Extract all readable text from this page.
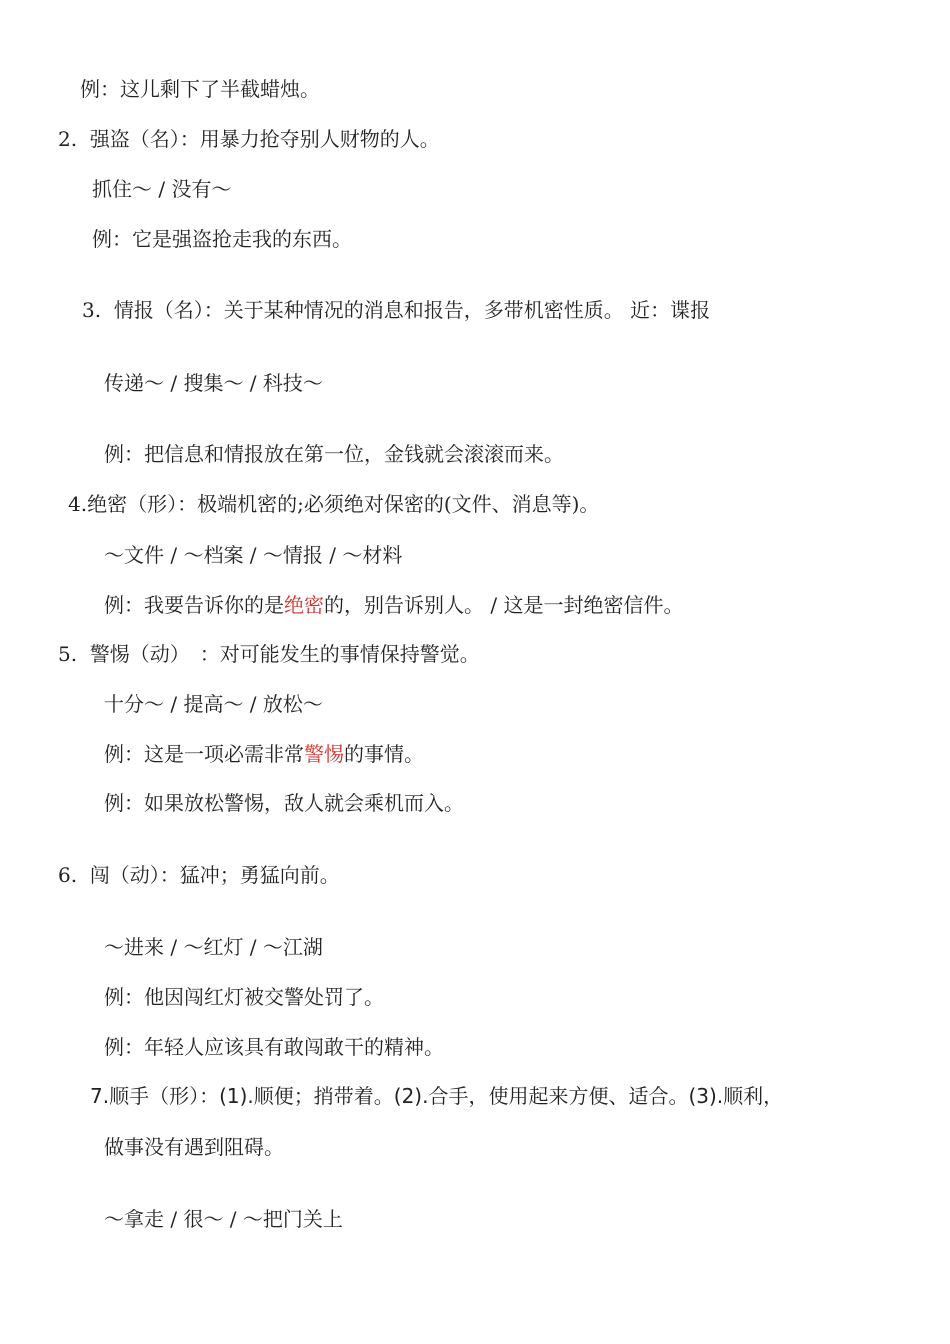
例：这儿剩下了半截蜡烛。
2. 强盗（名）：用暴力抢夺别人财物的人。
抓住～ / 没有～
例：它是强盗抢走我的东西。
3. 情报（名）：关于某种情况的消息和报告，多带机密性质。 近：谍报
传递～ / 搜集～ / 科技～
例：把信息和情报放在第一位，金钱就会滚滚而来。
4.绝密（形）：极端机密的;必须绝对保密的(文件、消息等)。
～文件 / ～档案 / ～情报 / ～材料
例：我要告诉你的是绝密的，别告诉别人。 / 这是一封绝密信件。
5. 警惕（动）　：对可能发生的事情保持警觉。
十分～ / 提高～ / 放松～
例：这是一项必需非常警惕的事情。
例：如果放松警惕，敌人就会乘机而入。
6. 闯（动）：猛冲；勇猛向前。
～进来 / ～红灯 / ～江湖
例：他因闯红灯被交警处罚了。
例：年轻人应该具有敢闯敢干的精神。
7.顺手（形）：(1).顺便；捎带着。(2).合手，使用起来方便、适合。(3).顺利，
做事没有遇到阻碍。
～拿走 / 很～ / ～把门关上
